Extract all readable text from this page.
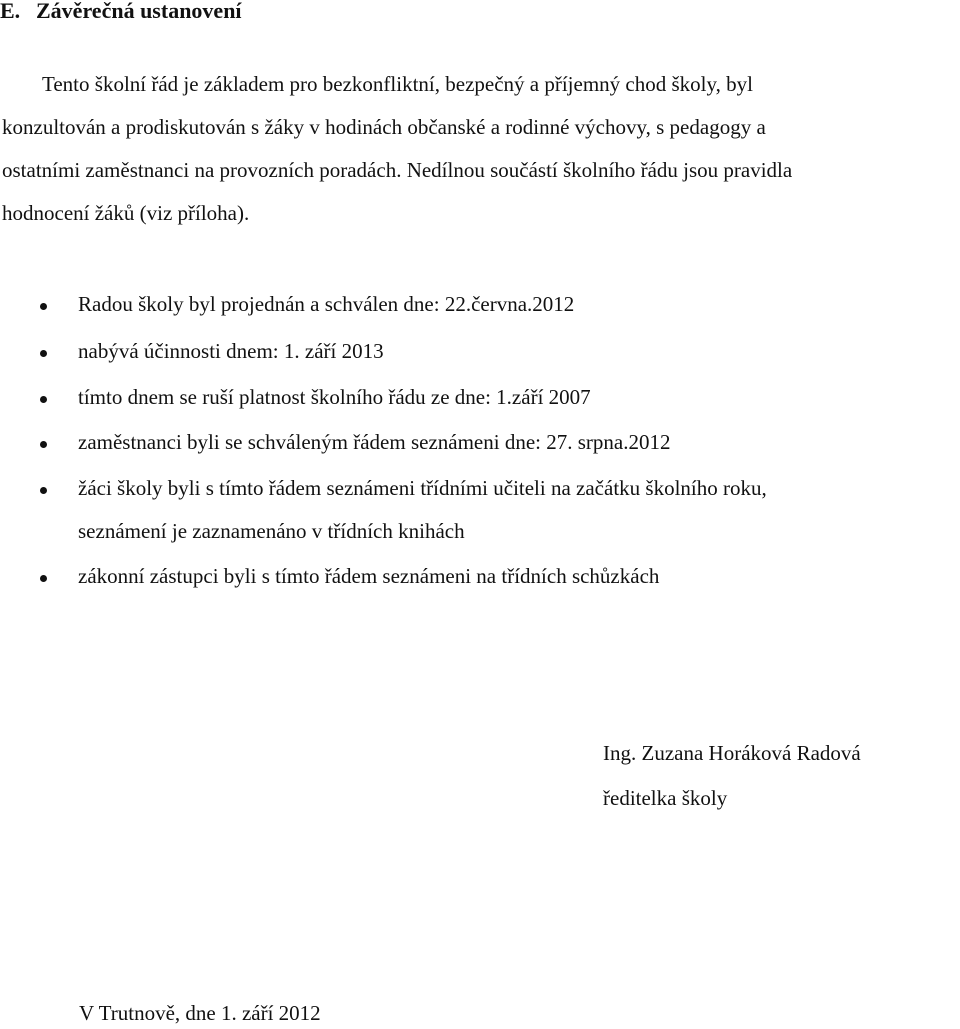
E. Závěrečná ustanovení
Tento školní řád je základem pro bezkonfliktní, bezpečný a příjemný chod školy, byl
konzultován a prodiskutován s žáky v hodinách občanské a rodinné výchovy, s pedagogy a
ostatními zaměstnanci na provozních poradách. Nedílnou součástí školního řádu jsou pravidla
hodnocení žáků (viz příloha).
Radou školy byl projednán a schválen dne: 22.června.2012
nabývá účinnosti dnem: 1. září 2013
tímto dnem se ruší platnost školního řádu ze dne: 1.září 2007
zaměstnanci byli se schváleným řádem seznámeni dne: 27. srpna.2012
žáci školy byli s tímto řádem seznámeni třídními učiteli na začátku školního roku,
seznámení je zaznamenáno v třídních knihách
zákonní zástupci byli s tímto řádem seznámeni na třídních schůzkách
Ing. Zuzana Horáková Radová
ředitelka školy
V Trutnově, dne 1. září 2012
